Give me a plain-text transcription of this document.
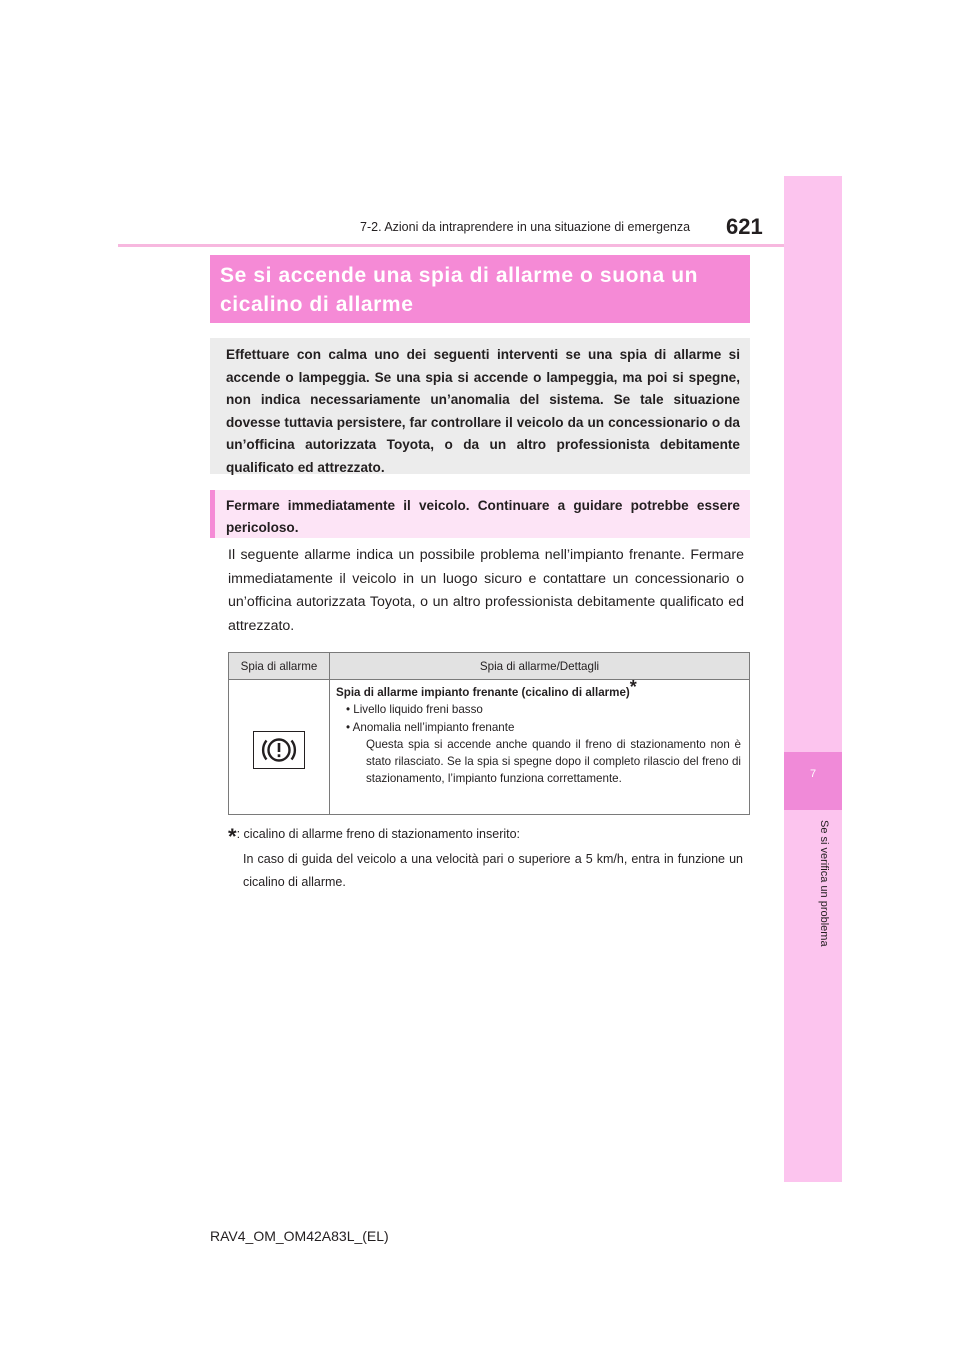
7-2. Azioni da intraprendere in una situazione di emergenza 621
7
Se si verifica un problema
Se si accende una spia di allarme o suona un
cicalino di allarme
Effettuare con calma uno dei seguenti interventi se una spia di allarme si accende o lampeggia. Se una spia si accende o lampeggia, ma poi si spegne, non indica necessariamente un’anomalia del sistema. Se tale situazione dovesse tuttavia persistere, far controllare il veicolo da un concessionario o da un’officina autorizzata Toyota, o da un altro professionista debitamente qualificato ed attrezzato.
Fermare immediatamente il veicolo. Continuare a guidare potrebbe essere pericoloso.
Il seguente allarme indica un possibile problema nell’impianto frenante. Fermare immediatamente il veicolo in un luogo sicuro e contattare un concessionario o un’officina autorizzata Toyota, o un altro professionista debitamente qualificato ed attrezzato.
Spia di allarme	Spia di allarme/Dettagli

Spia di allarme impianto frenante (cicalino di allarme)*
• Livello liquido freni basso
• Anomalia nell’impianto frenante
Questa spia si accende anche quando il freno di stazionamento non è stato rilasciato. Se la spia si spegne dopo il completo rilascio del freno di stazionamento, l’impianto funziona correttamente.
*: cicalino di allarme freno di stazionamento inserito:
In caso di guida del veicolo a una velocità pari o superiore a 5 km/h, entra in funzione un cicalino di allarme.
RAV4_OM_OM42A83L_(EL)
